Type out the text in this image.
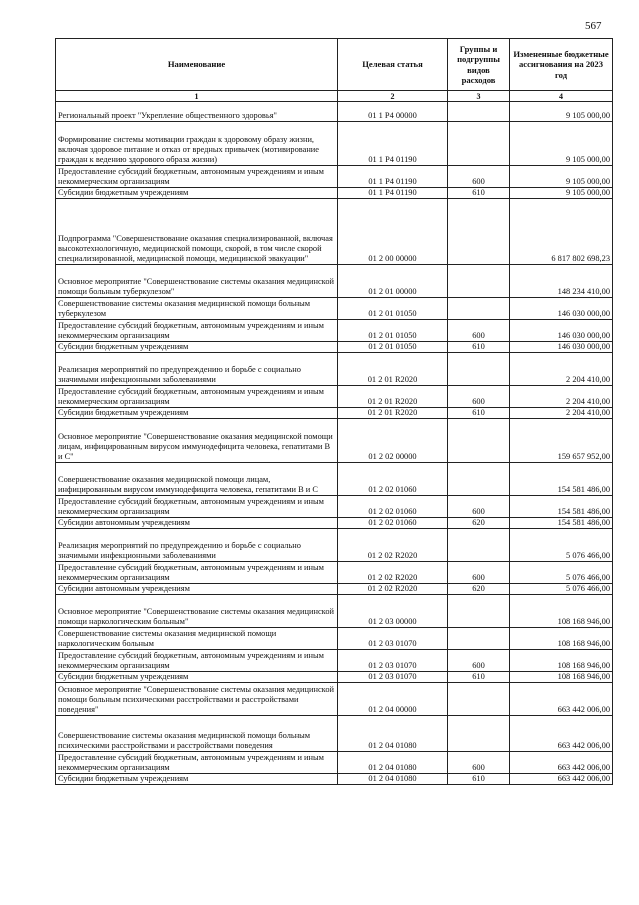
567
Наименование	Целевая статья	Группы и подгруппы видов расходов	Измененные бюджетные ассигнования на 2023 год
1	2	3	4
Региональный проект "Укрепление общественного здоровья"	01 1 P4 00000		9 105 000,00
Формирование системы мотивации граждан к здоровому образу жизни, включая здоровое питание и отказ от вредных привычек (мотивирование граждан к ведению здорового образа жизни)	01 1 P4 01190		9 105 000,00
Предоставление субсидий бюджетным, автономным учреждениям и иным некоммерческим организациям	01 1 P4 01190	600	9 105 000,00
Субсидии бюджетным учреждениям	01 1 P4 01190	610	9 105 000,00
Подпрограмма "Совершенствование оказания специализированной, включая высокотехнологичную, медицинской помощи, скорой, в том числе скорой специализированной, медицинской помощи, медицинской эвакуации"	01 2 00 00000		6 817 802 698,23
Основное мероприятие "Совершенствование системы оказания медицинской помощи больным туберкулезом"	01 2 01 00000		148 234 410,00
Совершенствование системы оказания медицинской помощи больным туберкулезом	01 2 01 01050		146 030 000,00
Предоставление субсидий бюджетным, автономным учреждениям и иным некоммерческим организациям	01 2 01 01050	600	146 030 000,00
Субсидии бюджетным учреждениям	01 2 01 01050	610	146 030 000,00
Реализация мероприятий по предупреждению и борьбе с социально значимыми инфекционными заболеваниями	01 2 01 R2020		2 204 410,00
Предоставление субсидий бюджетным, автономным учреждениям и иным некоммерческим организациям	01 2 01 R2020	600	2 204 410,00
Субсидии бюджетным учреждениям	01 2 01 R2020	610	2 204 410,00
Основное мероприятие "Совершенствование оказания медицинской помощи лицам, инфицированным вирусом иммунодефицита человека, гепатитами В и С"	01 2 02 00000		159 657 952,00
Совершенствование оказания медицинской помощи лицам, инфицированным вирусом иммунодефицита человека, гепатитами В и С	01 2 02 01060		154 581 486,00
Предоставление субсидий бюджетным, автономным учреждениям и иным некоммерческим организациям	01 2 02 01060	600	154 581 486,00
Субсидии автономным учреждениям	01 2 02 01060	620	154 581 486,00
Реализация мероприятий по предупреждению и борьбе с социально значимыми инфекционными заболеваниями	01 2 02 R2020		5 076 466,00
Предоставление субсидий бюджетным, автономным учреждениям и иным некоммерческим организациям	01 2 02 R2020	600	5 076 466,00
Субсидии автономным учреждениям	01 2 02 R2020	620	5 076 466,00
Основное мероприятие "Совершенствование системы оказания медицинской помощи наркологическим больным"	01 2 03 00000		108 168 946,00
Совершенствование системы оказания медицинской помощи наркологическим больным	01 2 03 01070		108 168 946,00
Предоставление субсидий бюджетным, автономным учреждениям и иным некоммерческим организациям	01 2 03 01070	600	108 168 946,00
Субсидии бюджетным учреждениям	01 2 03 01070	610	108 168 946,00
Основное мероприятие "Совершенствование системы оказания медицинской помощи больным психическими расстройствами и расстройствами поведения"	01 2 04 00000		663 442 006,00
Совершенствование системы оказания медицинской помощи больным психическими расстройствами и расстройствами поведения	01 2 04 01080		663 442 006,00
Предоставление субсидий бюджетным, автономным учреждениям и иным некоммерческим организациям	01 2 04 01080	600	663 442 006,00
Субсидии бюджетным учреждениям	01 2 04 01080	610	663 442 006,00
